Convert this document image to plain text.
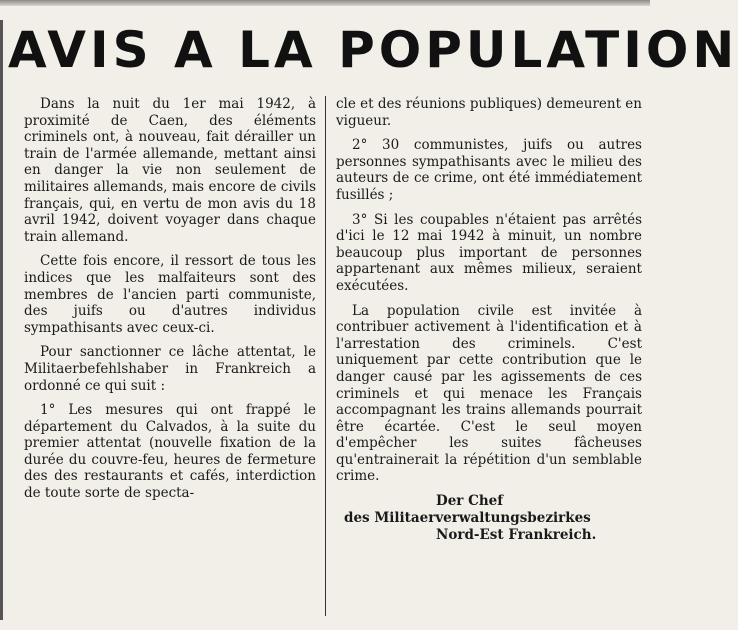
AVIS A LA POPULATION

Dans la nuit du 1er mai 1942, à proximité de Caen, des éléments criminels ont, à nouveau, fait dérailler un train de l'armée allemande, mettant ainsi en danger la vie non seulement de militaires allemands, mais encore de civils français, qui, en vertu de mon avis du 18 avril 1942, doivent voyager dans chaque train allemand.

Cette fois encore, il ressort de tous les indices que les malfaiteurs sont des membres de l'ancien parti communiste, des juifs ou d'autres individus sympathisants avec ceux-ci.

Pour sanctionner ce lâche attentat, le Militaerbefehlshaber in Frankreich a ordonné ce qui suit :

1° Les mesures qui ont frappé le département du Calvados, à la suite du premier attentat (nouvelle fixation de la durée du couvre-feu, heures de fermeture des des restaurants et cafés, interdiction de toute sorte de specta-

cle et des réunions publiques) demeurent en vigueur.

2° 30 communistes, juifs ou autres personnes sympathisants avec le milieu des auteurs de ce crime, ont été immédiatement fusillés ;

3° Si les coupables n'étaient pas arrêtés d'ici le 12 mai 1942 à minuit, un nombre beaucoup plus important de personnes appartenant aux mêmes milieux, seraient exécutées.

La population civile est invitée à contribuer activement à l'identification et à l'arrestation des criminels. C'est uniquement par cette contribution que le danger causé par les agissements de ces criminels et qui menace les Français accompagnant les trains allemands pourrait être écartée. C'est le seul moyen d'empêcher les suites fâcheuses qu'entrainerait la répétition d'un semblable crime.

Der Chef
des Militaerverwaltungsbezirkes
Nord-Est Frankreich.
